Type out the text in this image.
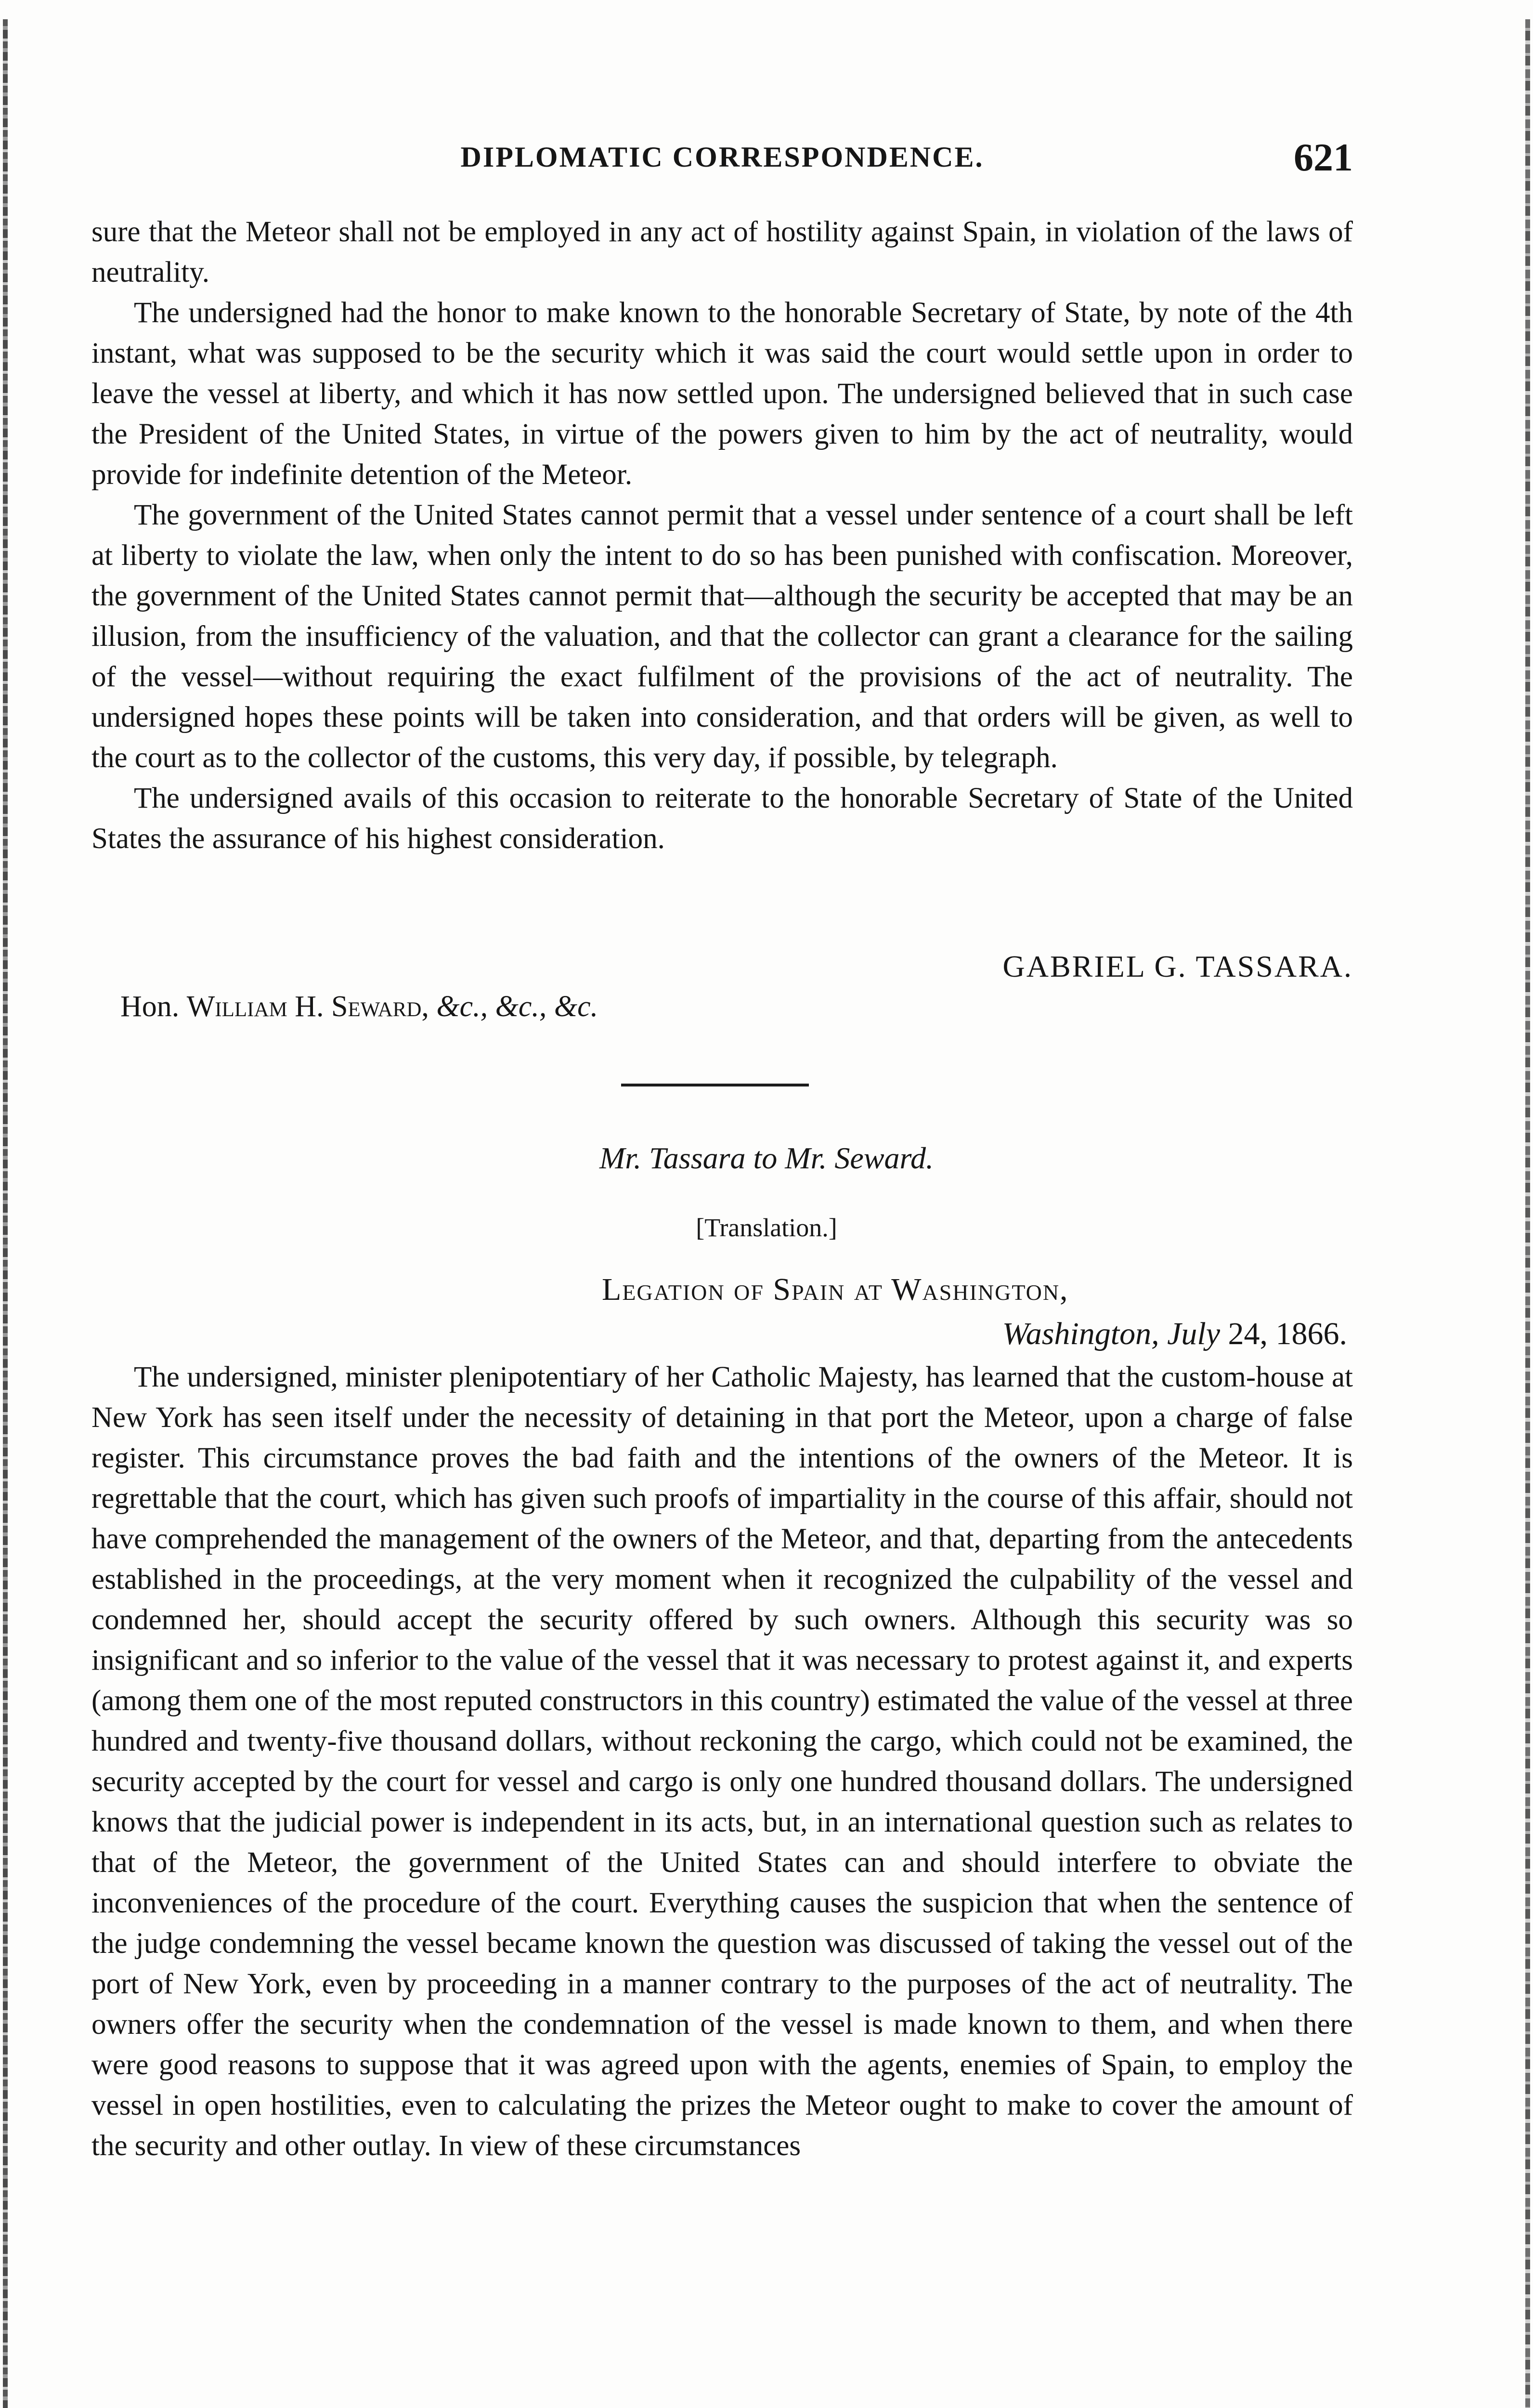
DIPLOMATIC CORRESPONDENCE.	621

sure that the Meteor shall not be employed in any act of hostility against Spain, in violation of the laws of neutrality.

The undersigned had the honor to make known to the honorable Secretary of State, by note of the 4th instant, what was supposed to be the security which it was said the court would settle upon in order to leave the vessel at liberty, and which it has now settled upon. The undersigned believed that in such case the President of the United States, in virtue of the powers given to him by the act of neutrality, would provide for indefinite detention of the Meteor.

The government of the United States cannot permit that a vessel under sentence of a court shall be left at liberty to violate the law, when only the intent to do so has been punished with confiscation. Moreover, the government of the United States cannot permit that—although the security be accepted that may be an illusion, from the insufficiency of the valuation, and that the collector can grant a clearance for the sailing of the vessel—without requiring the exact fulfilment of the provisions of the act of neutrality. The undersigned hopes these points will be taken into consideration, and that orders will be given, as well to the court as to the collector of the customs, this very day, if possible, by telegraph.

The undersigned avails of this occasion to reiterate to the honorable Secretary of State of the United States the assurance of his highest consideration.

GABRIEL G. TASSARA.
Hon. William H. Seward, &c., &c., &c.
Mr. Tassara to Mr. Seward.
[Translation.]
Legation of Spain at Washington,
Washington, July 24, 1866.

The undersigned, minister plenipotentiary of her Catholic Majesty, has learned that the custom-house at New York has seen itself under the necessity of detaining in that port the Meteor, upon a charge of false register. This circumstance proves the bad faith and the intentions of the owners of the Meteor. It is regrettable that the court, which has given such proofs of impartiality in the course of this affair, should not have comprehended the management of the owners of the Meteor, and that, departing from the antecedents established in the proceedings, at the very moment when it recognized the culpability of the vessel and condemned her, should accept the security offered by such owners. Although this security was so insignificant and so inferior to the value of the vessel that it was necessary to protest against it, and experts (among them one of the most reputed constructors in this country) estimated the value of the vessel at three hundred and twenty-five thousand dollars, without reckoning the cargo, which could not be examined, the security accepted by the court for vessel and cargo is only one hundred thousand dollars. The undersigned knows that the judicial power is independent in its acts, but, in an international question such as relates to that of the Meteor, the government of the United States can and should interfere to obviate the inconveniences of the procedure of the court. Everything causes the suspicion that when the sentence of the judge condemning the vessel became known the question was discussed of taking the vessel out of the port of New York, even by proceeding in a manner contrary to the purposes of the act of neutrality. The owners offer the security when the condemnation of the vessel is made known to them, and when there were good reasons to suppose that it was agreed upon with the agents, enemies of Spain, to employ the vessel in open hostilities, even to calculating the prizes the Meteor ought to make to cover the amount of the security and other outlay. In view of these circumstances
